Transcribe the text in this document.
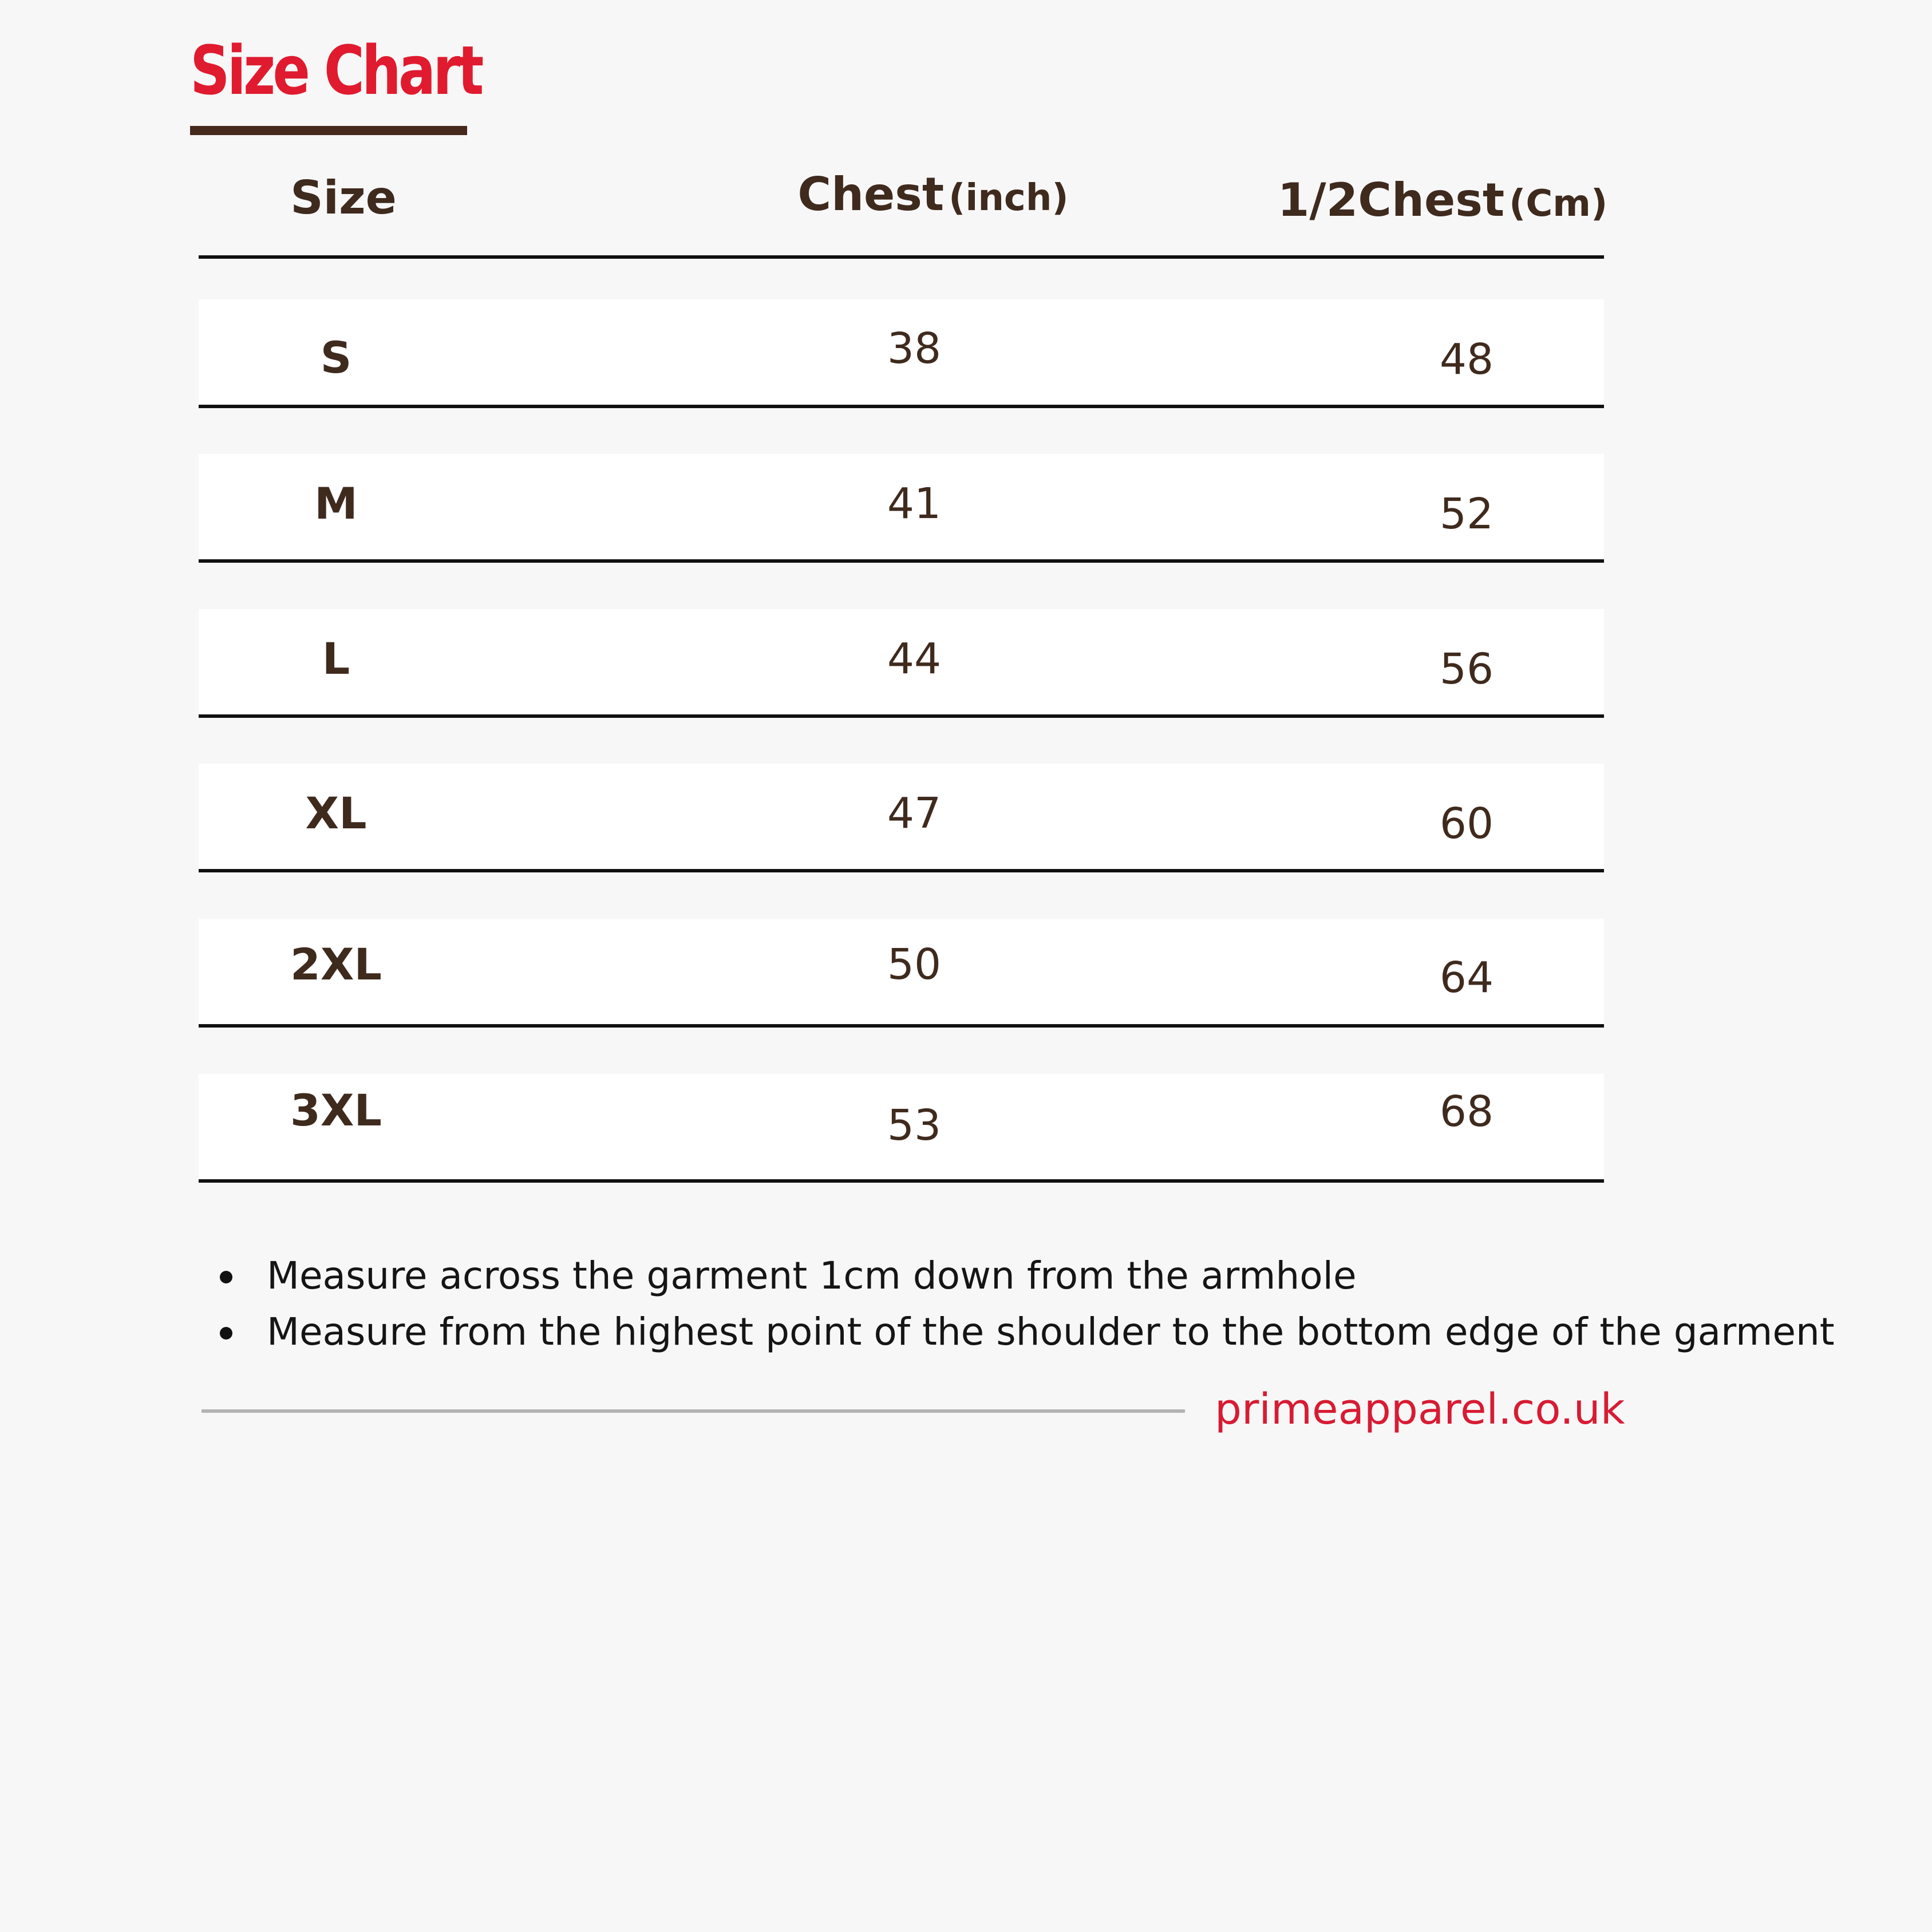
Size Chart
Size	Chest (inch)	1/2Chest (Cm)
S	38	48
M	41	52
L	44	56
XL	47	60
2XL	50	64
3XL	53	68
Measure across the garment 1cm down from the armhole
Measure from the highest point of the shoulder to the bottom edge of the garment
primeapparel.co.uk
